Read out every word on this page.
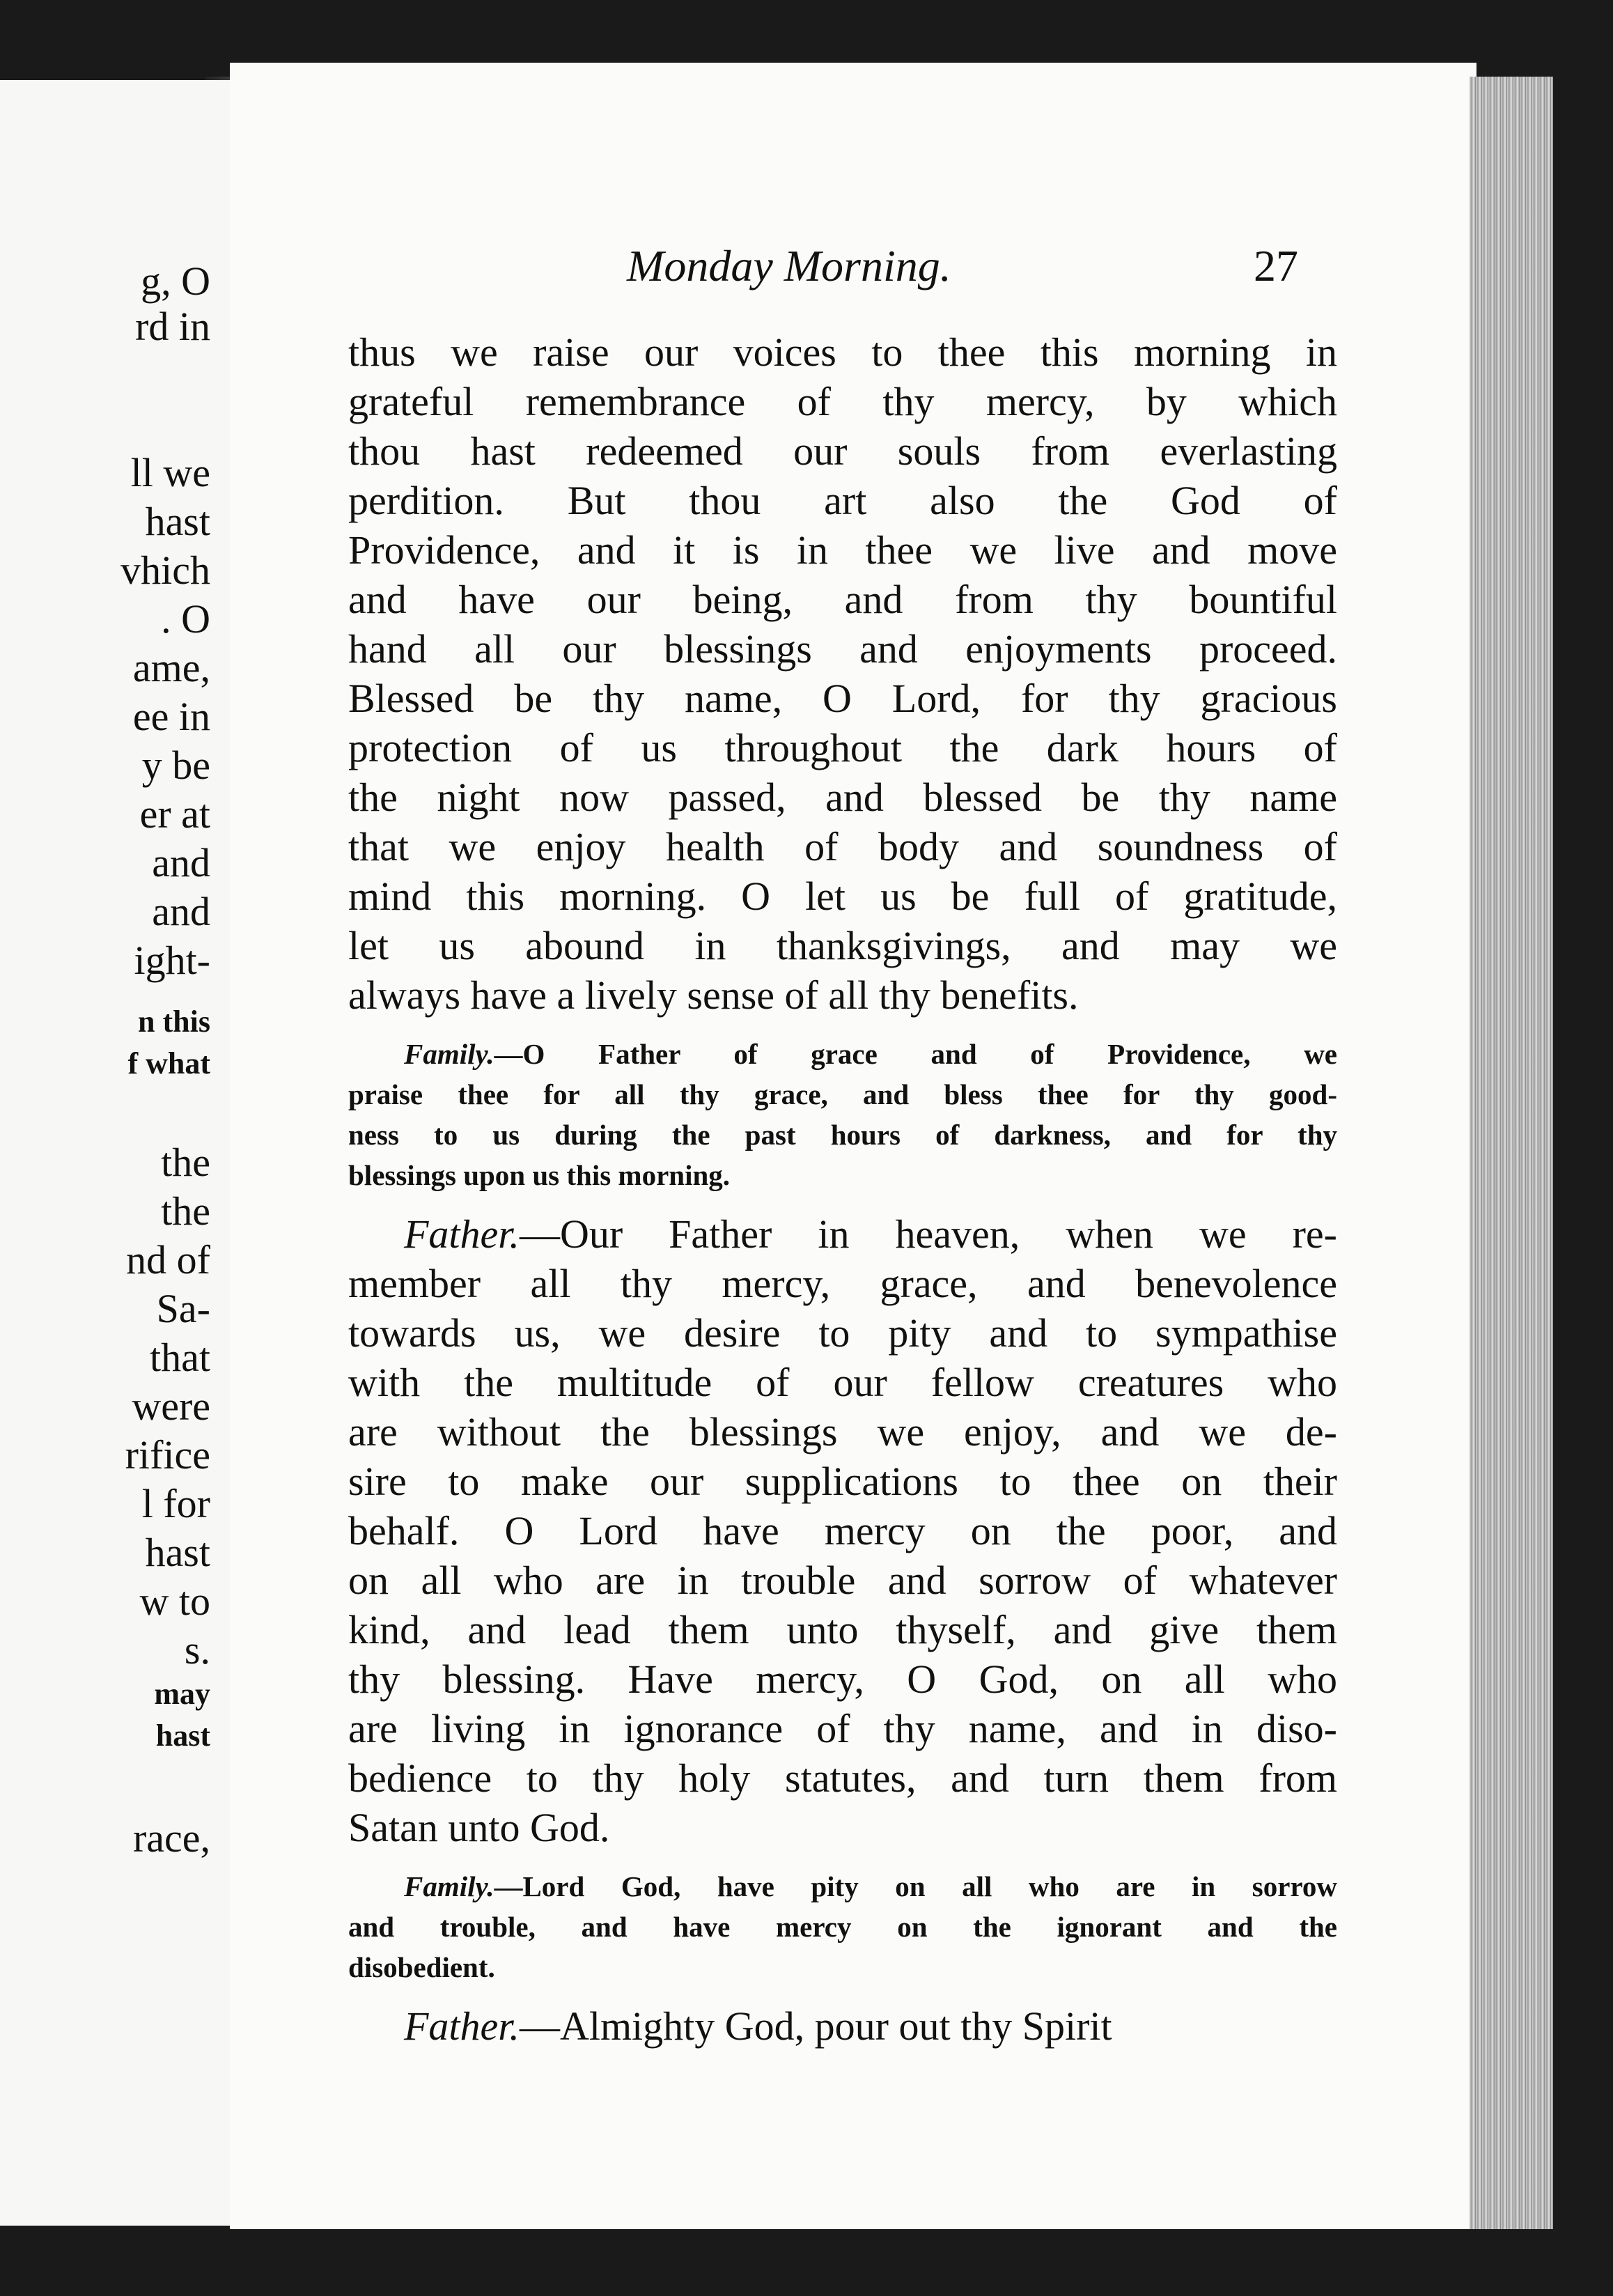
g, O
rd in
ll we
hast
vhich
. O
ame,
ee in
y be
er at
and
and
ight-
n this
f what
the
the
nd of
Sa-
that
were
rifice
l for
hast
w to
s.
may
hast
race,
Monday Morning.	27
thus we raise our voices to thee this morning in
grateful remembrance of thy mercy, by which
thou hast redeemed our souls from everlasting
perdition. But thou art also the God of
Providence, and it is in thee we live and move
and have our being, and from thy bountiful
hand all our blessings and enjoyments proceed.
Blessed be thy name, O Lord, for thy gracious
protection of us throughout the dark hours of
the night now passed, and blessed be thy name
that we enjoy health of body and soundness of
mind this morning. O let us be full of gratitude,
let us abound in thanksgivings, and may we
always have a lively sense of all thy benefits.
Family.—O Father of grace and of Providence, we
praise thee for all thy grace, and bless thee for thy good-
ness to us during the past hours of darkness, and for thy
blessings upon us this morning.
Father.—Our Father in heaven, when we re-
member all thy mercy, grace, and benevolence
towards us, we desire to pity and to sympathise
with the multitude of our fellow creatures who
are without the blessings we enjoy, and we de-
sire to make our supplications to thee on their
behalf. O Lord have mercy on the poor, and
on all who are in trouble and sorrow of whatever
kind, and lead them unto thyself, and give them
thy blessing. Have mercy, O God, on all who
are living in ignorance of thy name, and in diso-
bedience to thy holy statutes, and turn them from
Satan unto God.
Family.—Lord God, have pity on all who are in sorrow
and trouble, and have mercy on the ignorant and the
disobedient.
Father.—Almighty God, pour out thy Spirit
